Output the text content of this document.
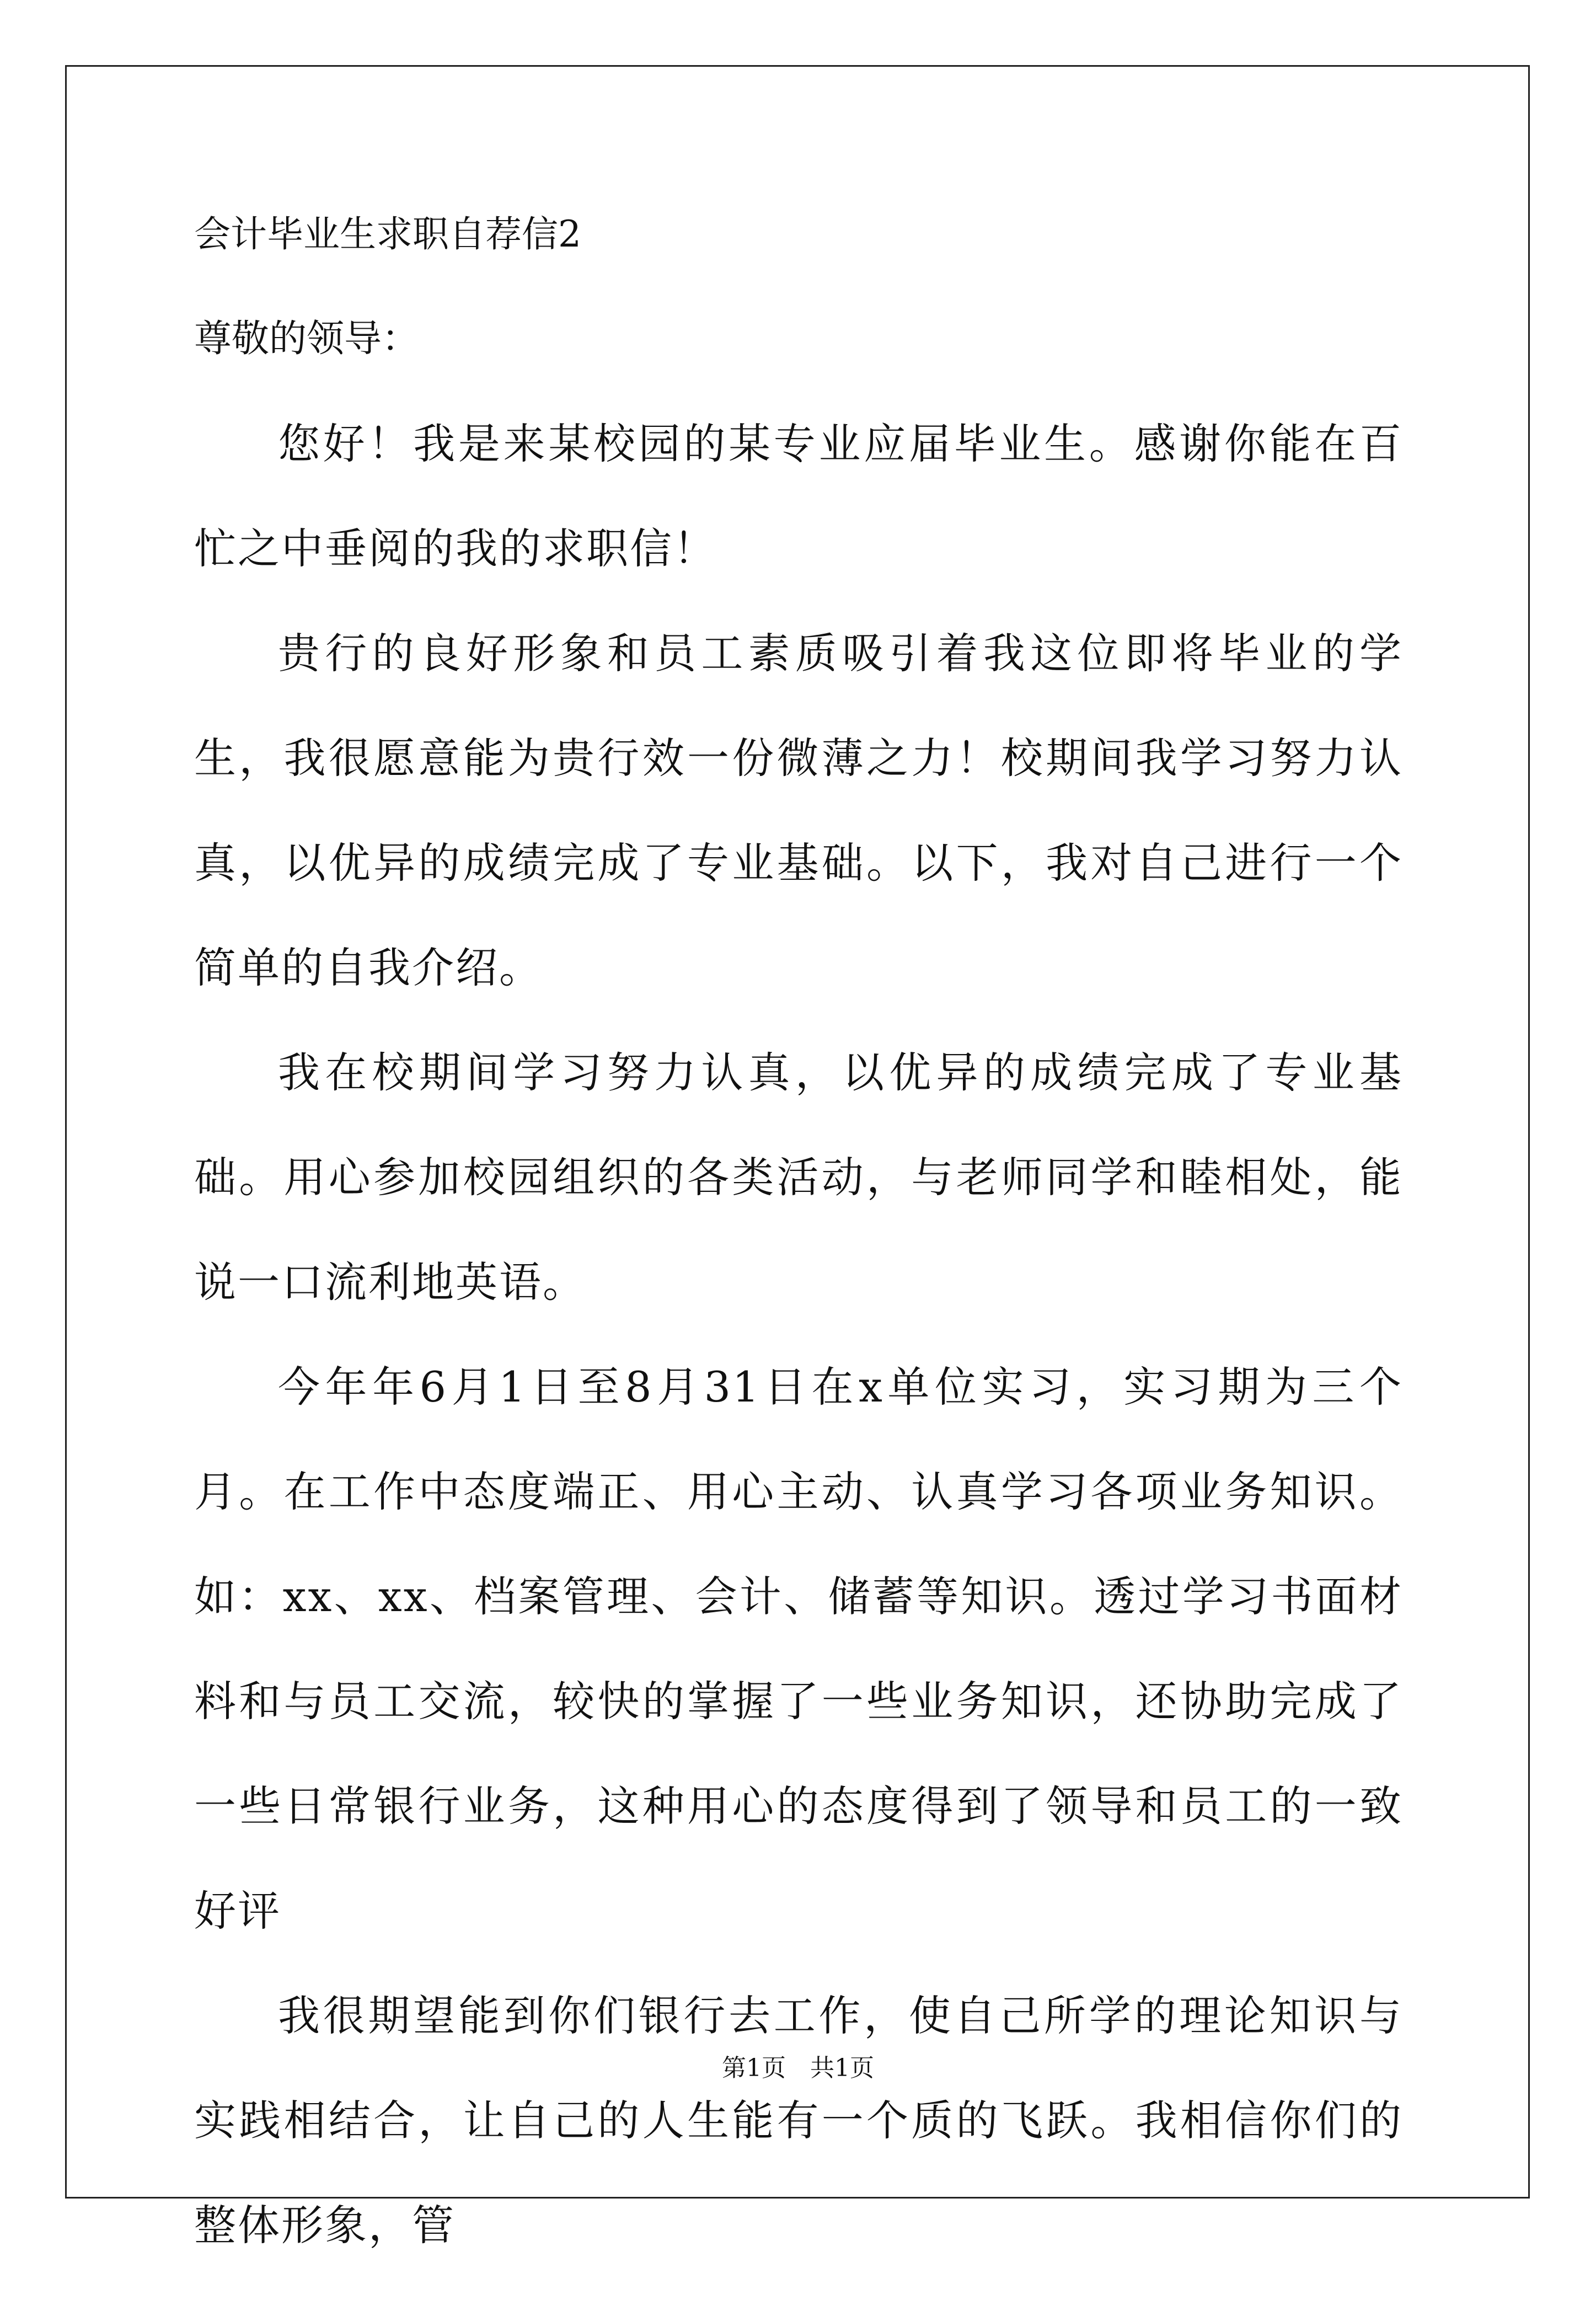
会计毕业生求职自荐信2
尊敬的领导：

您好！我是来某校园的某专业应届毕业生。感谢你能在百忙之中垂阅的我的求职信！

贵行的良好形象和员工素质吸引着我这位即将毕业的学生，我很愿意能为贵行效一份微薄之力！校期间我学习努力认真，以优异的成绩完成了专业基础。以下，我对自己进行一个简单的自我介绍。

我在校期间学习努力认真，以优异的成绩完成了专业基础。用心参加校园组织的各类活动，与老师同学和睦相处，能说一口流利地英语。

今年年6月1日至8月31日在x单位实习，实习期为三个月。在工作中态度端正、用心主动、认真学习各项业务知识。如：xx、xx、档案管理、会计、储蓄等知识。透过学习书面材料和与员工交流，较快的掌握了一些业务知识，还协助完成了一些日常银行业务，这种用心的态度得到了领导和员工的一致好评

我很期望能到你们银行去工作，使自己所学的理论知识与实践相结合，让自己的人生能有一个质的飞跃。我相信你们的整体形象，管

第1页　共1页
